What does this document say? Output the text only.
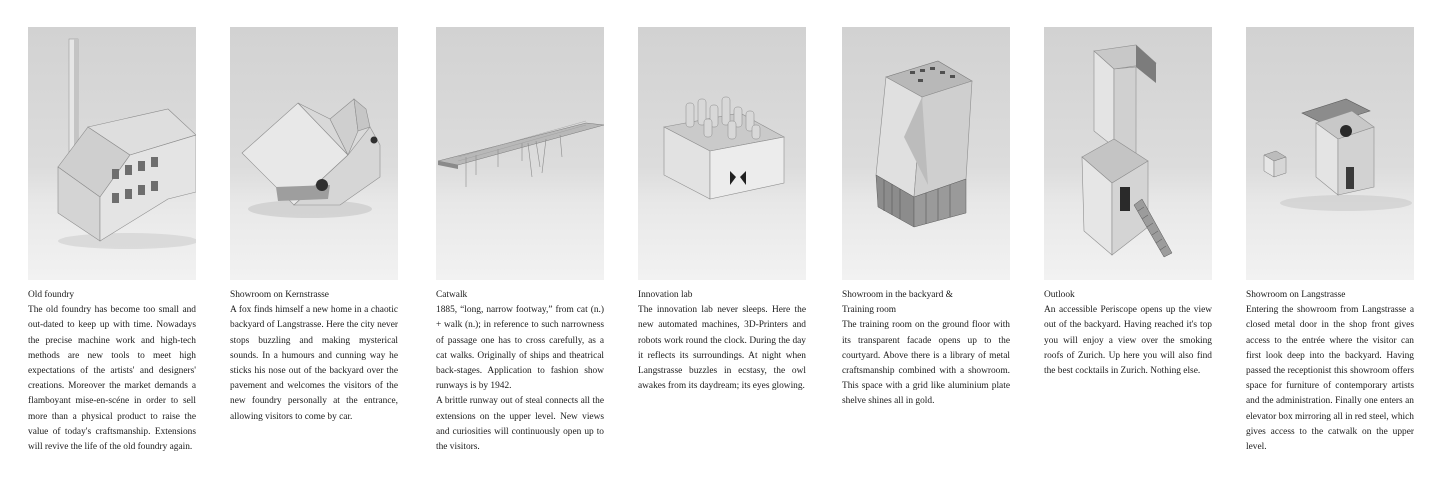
Old foundry

The old foundry has become too small and out-dated to keep up with time. Nowadays the precise machine work and high-tech methods are new tools to meet high expectations of the artists' and designers' creations. Moreover the market demands a flamboyant mise-en-scéne in order to sell more than a physical product to raise the value of today's craftsmanship. Extensions will revive the life of the old foundry again.

Showroom on Kernstrasse

A fox finds himself a new home in a chaotic backyard of Langstrasse. Here the city never stops buzzling and making mysterical sounds. In a humours and cunning way he sticks his nose out of the backyard over the pavement and welcomes the visitors of the new foundry personally at the entrance, allowing visitors to come by car.

Catwalk

1885, “long, narrow footway,” from cat (n.) + walk (n.); in reference to such narrowness of passage one has to cross carefully, as a cat walks. Originally of ships and theatrical back-stages. Application to fashion show runways is by 1942.

A brittle runway out of steal connects all the extensions on the upper level. New views and curiosities will continuously open up to the visitors.

Innovation lab

The innovation lab never sleeps. Here the new automated machines, 3D-Printers and robots work round the clock. During the day it reflects its surroundings. At night when Langstrasse buzzles in ecstasy, the owl awakes from its daydream; its eyes glowing.

Showroom in the backyard &
Training room

The training room on the ground floor with its transparent facade opens up to the courtyard. Above there is a library of metal craftsmanship combined with a showroom. This space with a grid like aluminium plate shelve shines all in gold.

Outlook

An accessible Periscope opens up the view out of the backyard. Having reached it's top you will enjoy a view over the smoking roofs of Zurich. Up here you will also find the best cocktails in Zurich. Nothing else.

Showroom on Langstrasse

Entering the showroom from Langstrasse a closed metal door in the shop front gives access to the entrée where the visitor can first look deep into the backyard. Having passed the receptionist this showroom offers space for furniture of contemporary artists and the administration. Finally one enters an elevator box mirroring all in red steel, which gives access to the catwalk on the upper level.
